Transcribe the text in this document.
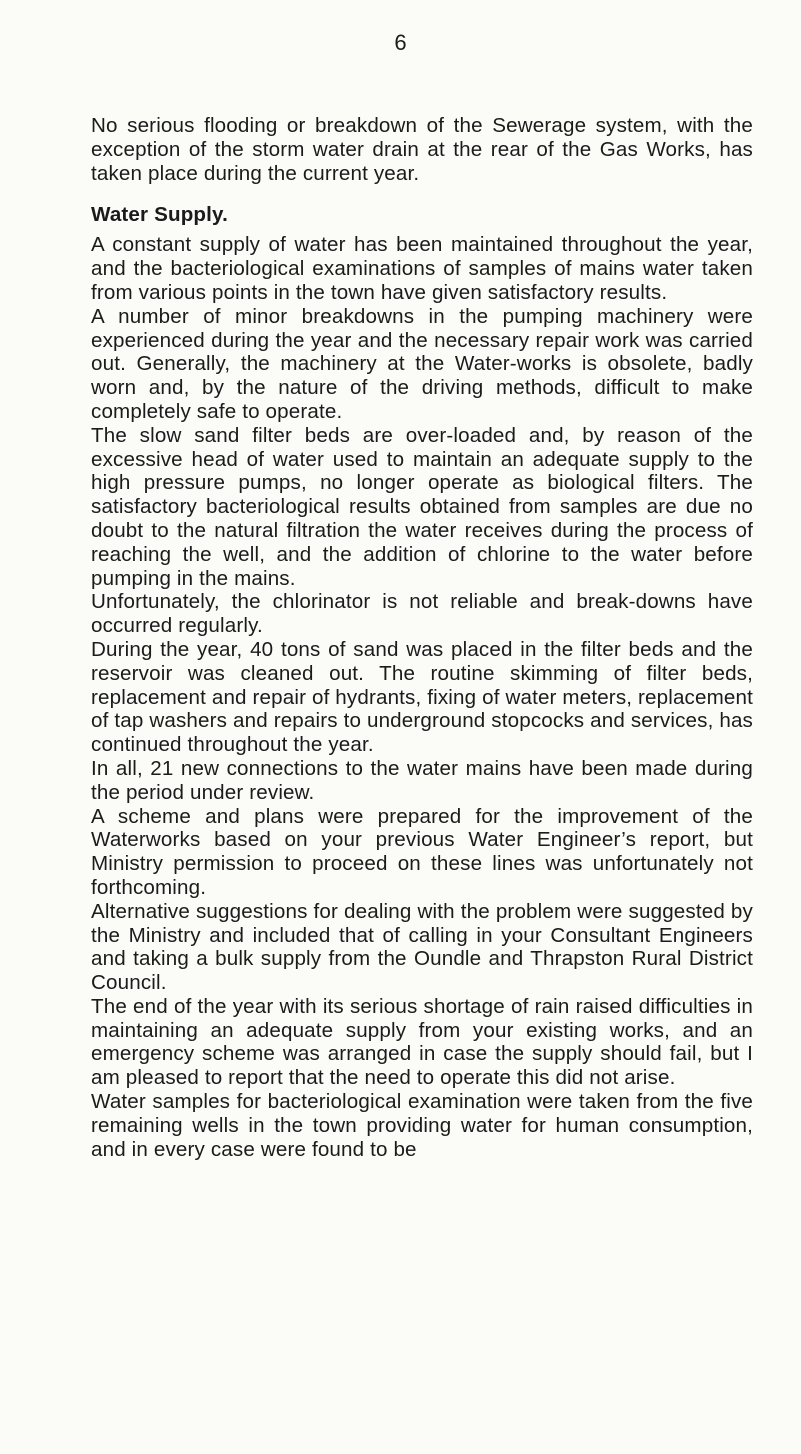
6

No serious flooding or breakdown of the Sewerage system, with the exception of the storm water drain at the rear of the Gas Works, has taken place during the current year.

Water Supply.

A constant supply of water has been maintained throughout the year, and the bacteriological examinations of samples of mains water taken from various points in the town have given satisfactory results.

A number of minor breakdowns in the pumping machinery were experienced during the year and the necessary repair work was carried out. Generally, the machinery at the Water-works is obsolete, badly worn and, by the nature of the driving methods, difficult to make completely safe to operate.

The slow sand filter beds are over-loaded and, by reason of the excessive head of water used to maintain an adequate supply to the high pressure pumps, no longer operate as biological filters. The satisfactory bacteriological results obtained from samples are due no doubt to the natural filtration the water receives during the process of reaching the well, and the addition of chlorine to the water before pumping in the mains.

Unfortunately, the chlorinator is not reliable and break-downs have occurred regularly.

During the year, 40 tons of sand was placed in the filter beds and the reservoir was cleaned out. The routine skimming of filter beds, replacement and repair of hydrants, fixing of water meters, replacement of tap washers and repairs to underground stopcocks and services, has continued throughout the year.

In all, 21 new connections to the water mains have been made during the period under review.

A scheme and plans were prepared for the improvement of the Waterworks based on your previous Water Engineer’s report, but Ministry permission to proceed on these lines was unfortunately not forthcoming.

Alternative suggestions for dealing with the problem were suggested by the Ministry and included that of calling in your Consultant Engineers and taking a bulk supply from the Oundle and Thrapston Rural District Council.

The end of the year with its serious shortage of rain raised difficulties in maintaining an adequate supply from your existing works, and an emergency scheme was arranged in case the supply should fail, but I am pleased to report that the need to operate this did not arise.

Water samples for bacteriological examination were taken from the five remaining wells in the town providing water for human consumption, and in every case were found to be
